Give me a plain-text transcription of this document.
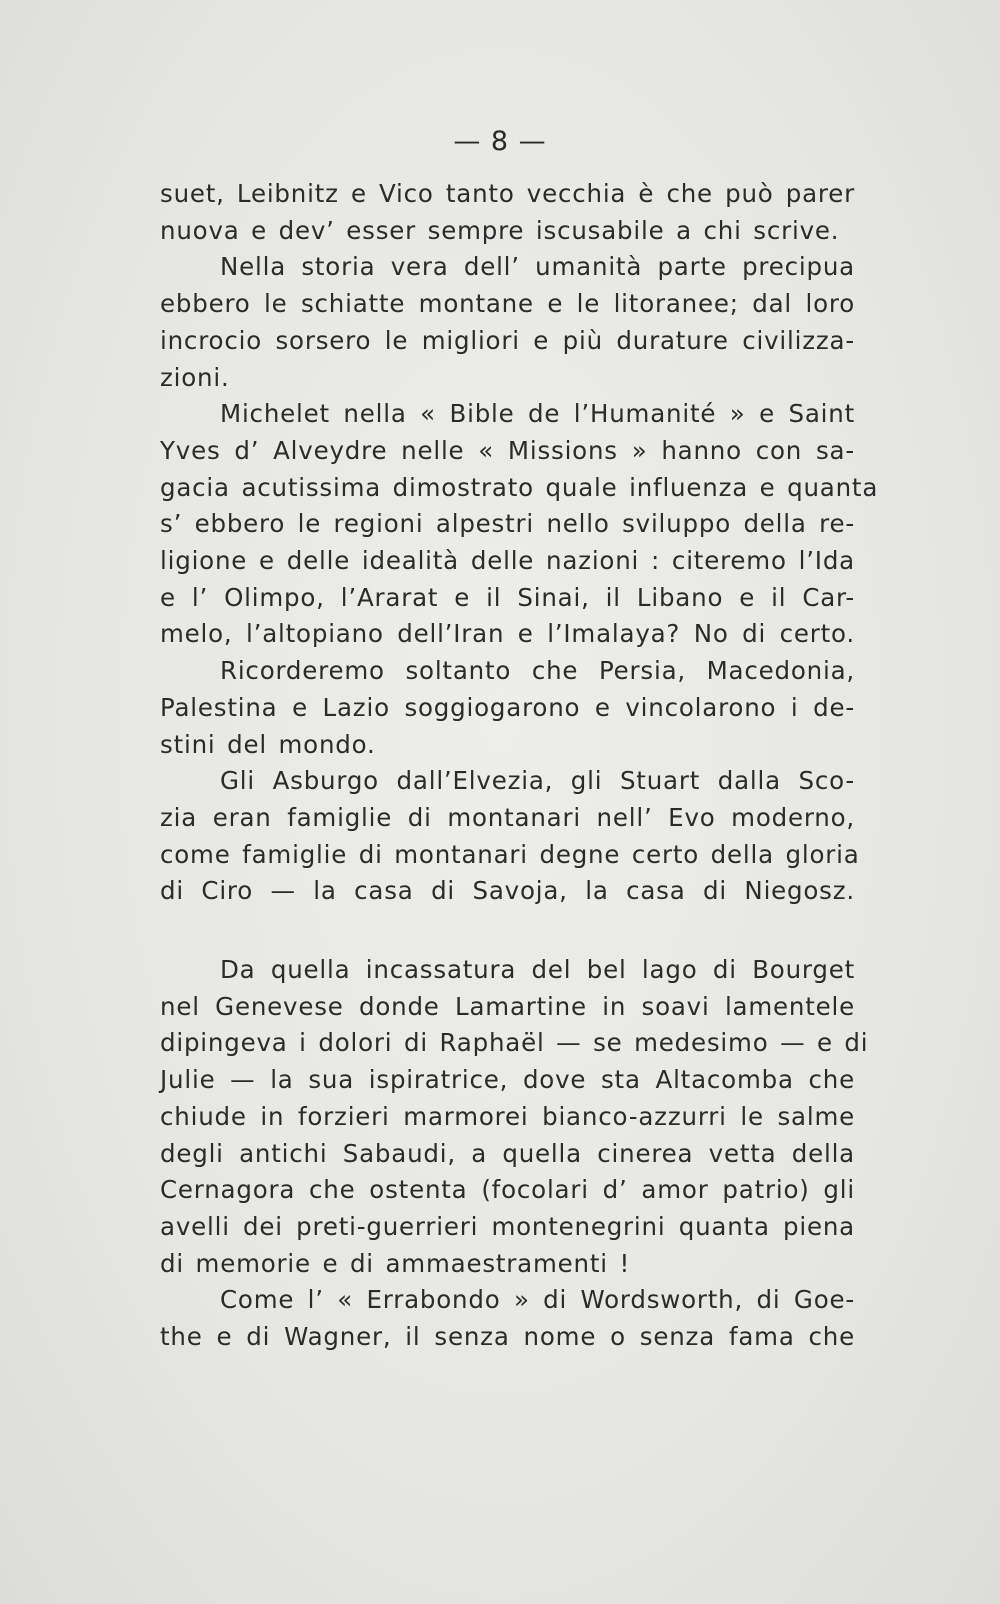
— 8 —
suet, Leibnitz e Vico tanto vecchia è che può parer
nuova e dev’ esser sempre iscusabile a chi scrive.
Nella storia vera dell’ umanità parte precipua
ebbero le schiatte montane e le litoranee; dal loro
incrocio sorsero le migliori e più durature civilizza-
zioni.
Michelet nella « Bible de l’Humanité » e Saint
Yves d’ Alveydre nelle « Missions » hanno con sa-
gacia acutissima dimostrato quale influenza e quanta
s’ ebbero le regioni alpestri nello sviluppo della re-
ligione e delle idealità delle nazioni : citeremo l’Ida
e l’ Olimpo, l’Ararat e il Sinai, il Libano e il Car-
melo, l’altopiano dell’Iran e l’Imalaya? No di certo.
Ricorderemo soltanto che Persia, Macedonia,
Palestina e Lazio soggiogarono e vincolarono i de-
stini del mondo.
Gli Asburgo dall’Elvezia, gli Stuart dalla Sco-
zia eran famiglie di montanari nell’ Evo moderno,
come famiglie di montanari degne certo della gloria
di Ciro — la casa di Savoja, la casa di Niegosz.
Da quella incassatura del bel lago di Bourget
nel Genevese donde Lamartine in soavi lamentele
dipingeva i dolori di Raphaël — se medesimo — e di
Julie — la sua ispiratrice, dove sta Altacomba che
chiude in forzieri marmorei bianco-azzurri le salme
degli antichi Sabaudi, a quella cinerea vetta della
Cernagora che ostenta (focolari d’ amor patrio) gli
avelli dei preti-guerrieri montenegrini quanta piena
di memorie e di ammaestramenti !
Come l’ « Errabondo » di Wordsworth, di Goe-
the e di Wagner, il senza nome o senza fama che
